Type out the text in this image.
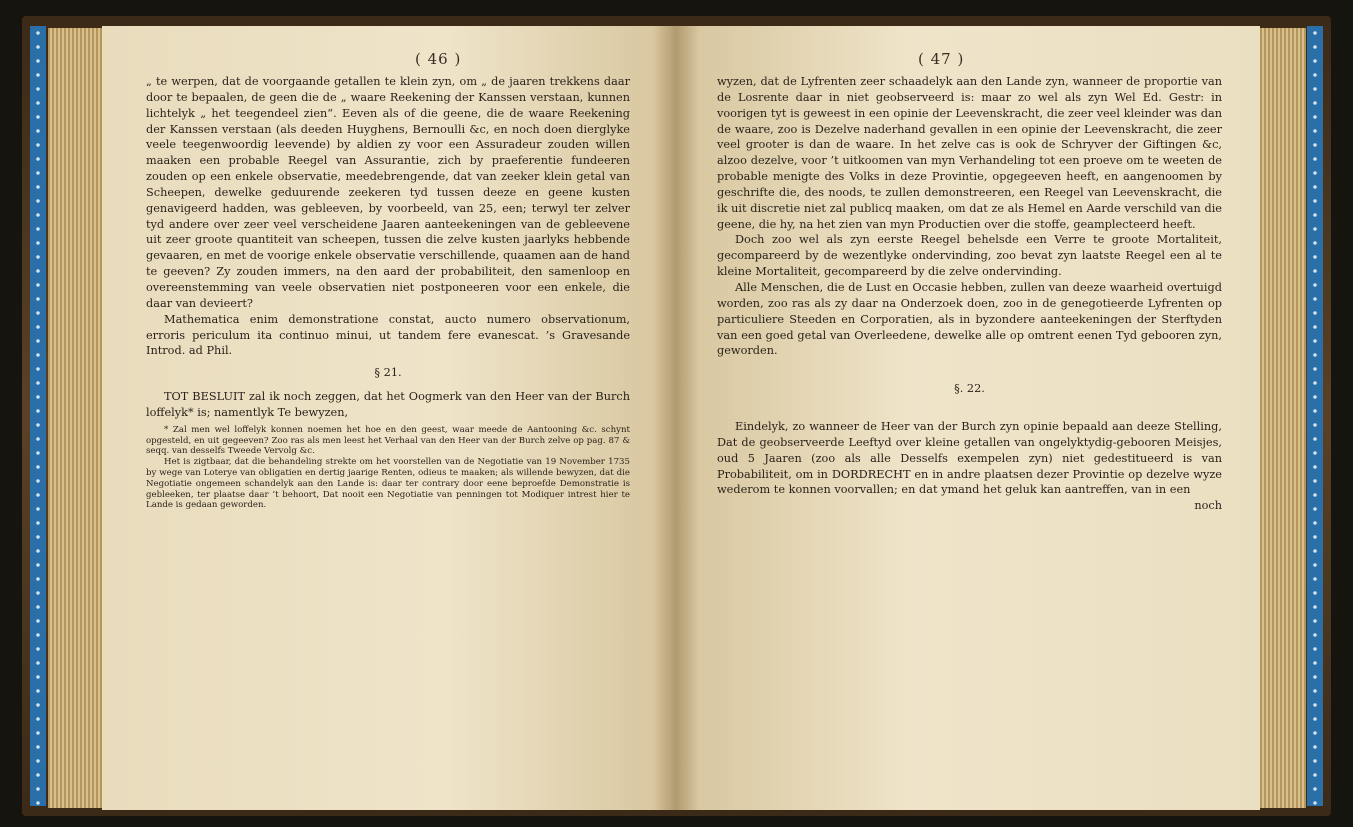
( 46 )	( 47 )

„ te werpen, dat de voorgaande getallen te klein zyn, om „ de jaaren trekkens daar door te bepaalen, de geen die de „ waare Reekening der Kanssen verstaan, kunnen lichtelyk „ het teegendeel zien“. Eeven als of die geene, die de waare Reekening der Kanssen verstaan (als deeden Huyghens, Bernoulli &c, en noch doen dierglyke veele teegenwoordig leevende) by aldien zy voor een Assuradeur zouden willen maaken een probable Reegel van Assurantie, zich by praeferentie fundeeren zouden op een enkele observatie, meedebrengende, dat van zeeker klein getal van Scheepen, dewelke geduurende zeekeren tyd tussen deeze en geene kusten genavigeerd hadden, was gebleeven, by voorbeeld, van 25, een; terwyl ter zelver tyd andere over zeer veel verscheidene Jaaren aanteekeningen van de gebleevene uit zeer groote quantiteit van scheepen, tussen die zelve kusten jaarlyks hebbende gevaaren, en met de voorige enkele observatie verschillende, quaamen aan de hand te geeven? Zy zouden immers, na den aard der probabiliteit, den samenloop en overeenstemming van veele observatien niet postponeeren voor een enkele, die daar van devieert?

Mathematica enim demonstratione constat, aucto numero observationum, erroris periculum ita continuo minui, ut tandem fere evanescat. ’s Gravesande Introd. ad Phil.

§ 21.

TOT BESLUIT zal ik noch zeggen, dat het Oogmerk van den Heer van der Burch loffelyk* is; namentlyk Te bewyzen,

* Zal men wel loffelyk konnen noemen het hoe en den geest, waar meede de Aantooning &c. schynt opgesteld, en uit gegeeven? Zoo ras als men leest het Verhaal van den Heer van der Burch zelve op pag. 87 & seqq. van desselfs Tweede Vervolg &c.

Het is zigtbaar, dat die behandeling strekte om het voorstellen van de Negotiatie van 19 November 1735 by wege van Loterye van obligatien en dertig jaarige Renten, odieus te maaken; als willende bewyzen, dat die Negotiatie ongemeen schandelyk aan den Lande is: daar ter contrary door eene beproefde Demonstratie is gebleeken, ter plaatse daar ’t behoort, Dat nooit een Negotiatie van penningen tot Modiquer intrest hier te Lande is gedaan geworden.

wyzen, dat de Lyfrenten zeer schaadelyk aan den Lande zyn, wanneer de proportie van de Losrente daar in niet geobserveerd is: maar zo wel als zyn Wel Ed. Gestr: in voorigen tyt is geweest in een opinie der Leevenskracht, die zeer veel kleinder was dan de waare, zoo is Dezelve naderhand gevallen in een opinie der Leevenskracht, die zeer veel grooter is dan de waare. In het zelve cas is ook de Schryver der Giftingen &c, alzoo dezelve, voor ’t uitkoomen van myn Verhandeling tot een proeve om te weeten de probable menigte des Volks in deze Provintie, opgegeeven heeft, en aangenoomen by geschrifte die, des noods, te zullen demonstreeren, een Reegel van Leevenskracht, die ik uit discretie niet zal publicq maaken, om dat ze als Hemel en Aarde verschild van die geene, die hy, na het zien van myn Productien over die stoffe, geamplecteerd heeft.

Doch zoo wel als zyn eerste Reegel behelsde een Verre te groote Mortaliteit, gecompareerd by de wezentlyke ondervinding, zoo bevat zyn laatste Reegel een al te kleine Mortaliteit, gecompareerd by die zelve ondervinding.

Alle Menschen, die de Lust en Occasie hebben, zullen van deeze waarheid overtuigd worden, zoo ras als zy daar na Onderzoek doen, zoo in de genegotieerde Lyfrenten op particuliere Steeden en Corporatien, als in byzondere aanteekeningen der Sterftyden van een goed getal van Overleedene, dewelke alle op omtrent eenen Tyd gebooren zyn, geworden.

§. 22.

Eindelyk, zo wanneer de Heer van der Burch zyn opinie bepaald aan deeze Stelling, Dat de geobserveerde Leeftyd over kleine getallen van ongelyktydig-gebooren Meisjes, oud 5 Jaaren (zoo als alle Desselfs exempelen zyn) niet gedestitueerd is van Probabiliteit, om in DORDRECHT en in andre plaatsen dezer Provintie op dezelve wyze wederom te konnen voorvallen; en dat ymand het geluk kan aantreffen, van in een

noch
